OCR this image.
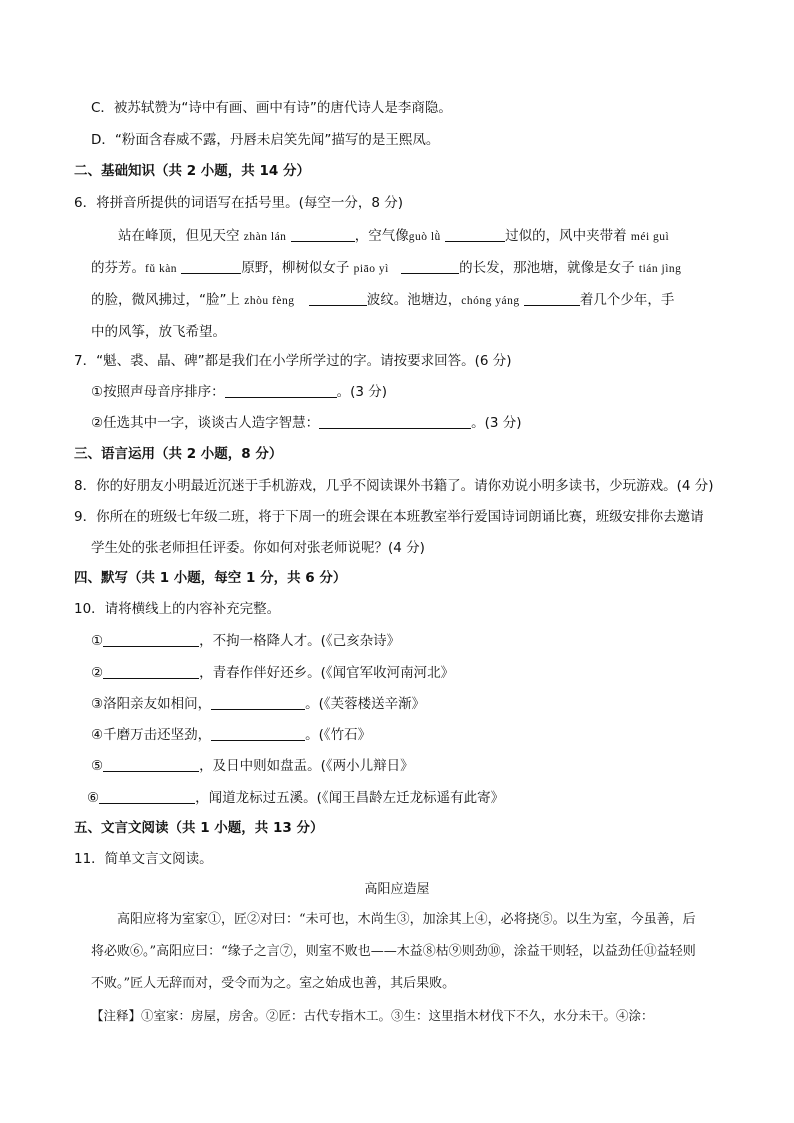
C．被苏轼赞为“诗中有画、画中有诗”的唐代诗人是李商隐。
D．“粉面含春威不露，丹唇未启笑先闻”描写的是王熙凤。
二、基础知识（共 2 小题，共 14 分）
6．将拼音所提供的词语写在括号里。(每空一分，8 分)
站在峰顶，但见天空 zhàn lán	，空气像guò lǜ	过似的，风中夹带着 méi guì
的芬芳。fǔ kàn	原野，柳树似女子 piāo yì	的长发，那池塘，就像是女子 tián jìng
的脸，微风拂过，“脸”上 zhòu fèng	波纹。池塘边，chóng yáng	着几个少年，手
中的风筝，放飞希望。
7．“魁、裘、晶、碑”都是我们在小学所学过的字。请按要求回答。(6 分)
①按照声母音序排序：	。(3 分)
②任选其中一字，谈谈古人造字智慧：	。(3 分)
三、语言运用（共 2 小题，8 分）
8．你的好朋友小明最近沉迷于手机游戏，几乎不阅读课外书籍了。请你劝说小明多读书，少玩游戏。(4 分)
9．你所在的班级七年级二班，将于下周一的班会课在本班教室举行爱国诗词朗诵比赛，班级安排你去邀请
学生处的张老师担任评委。你如何对张老师说呢？(4 分)
四、默写（共 1 小题，每空 1 分，共 6 分）
10．请将横线上的内容补充完整。
①	，不拘一格降人才。(《己亥杂诗》
②	，青春作伴好还乡。(《闻官军收河南河北》
③洛阳亲友如相问，	。(《芙蓉楼送辛渐》
④千磨万击还坚劲，	。(《竹石》
⑤	，及日中则如盘盂。(《两小儿辩日》
⑥	，闻道龙标过五溪。(《闻王昌龄左迁龙标遥有此寄》
五、文言文阅读（共 1 小题，共 13 分）
11．简单文言文阅读。
高阳应造屋
高阳应将为室家①，匠②对曰：“未可也，木尚生③，加涂其上④，必将挠⑤。以生为室，今虽善，后
将必败⑥。”高阳应曰：“缘子之言⑦，则室不败也——木益⑧枯⑨则劲⑩，涂益干则轻，以益劲任⑪益轻则
不败。”匠人无辞而对，受令而为之。室之始成也善，其后果败。
【注释】①室家：房屋，房舍。②匠：古代专指木工。③生：这里指木材伐下不久，水分未干。④涂：
